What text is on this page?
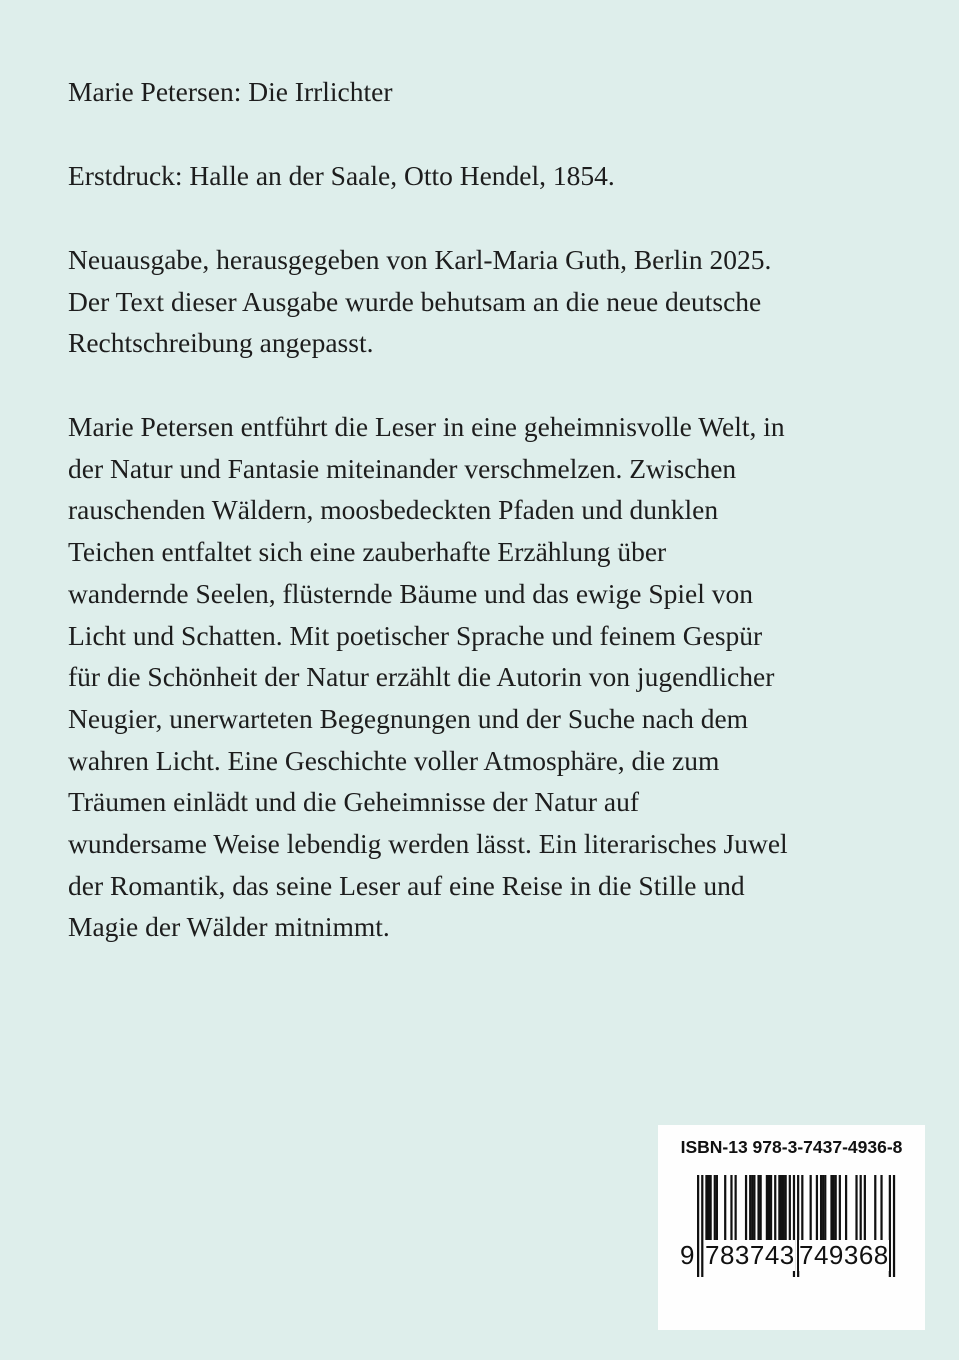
Marie Petersen: Die Irrlichter
Erstdruck: Halle an der Saale, Otto Hendel, 1854.
Neuausgabe, herausgegeben von Karl-Maria Guth, Berlin 2025.
Der Text dieser Ausgabe wurde behutsam an die neue deutsche
Rechtschreibung angepasst.
Marie Petersen entführt die Leser in eine geheimnisvolle Welt, in
der Natur und Fantasie miteinander verschmelzen. Zwischen
rauschenden Wäldern, moosbedeckten Pfaden und dunklen
Teichen entfaltet sich eine zauberhafte Erzählung über
wandernde Seelen, flüsternde Bäume und das ewige Spiel von
Licht und Schatten. Mit poetischer Sprache und feinem Gespür
für die Schönheit der Natur erzählt die Autorin von jugendlicher
Neugier, unerwarteten Begegnungen und der Suche nach dem
wahren Licht. Eine Geschichte voller Atmosphäre, die zum
Träumen einlädt und die Geheimnisse der Natur auf
wundersame Weise lebendig werden lässt. Ein literarisches Juwel
der Romantik, das seine Leser auf eine Reise in die Stille und
Magie der Wälder mitnimmt.
ISBN-13 978-3-7437-4936-8
9 783743 749368
